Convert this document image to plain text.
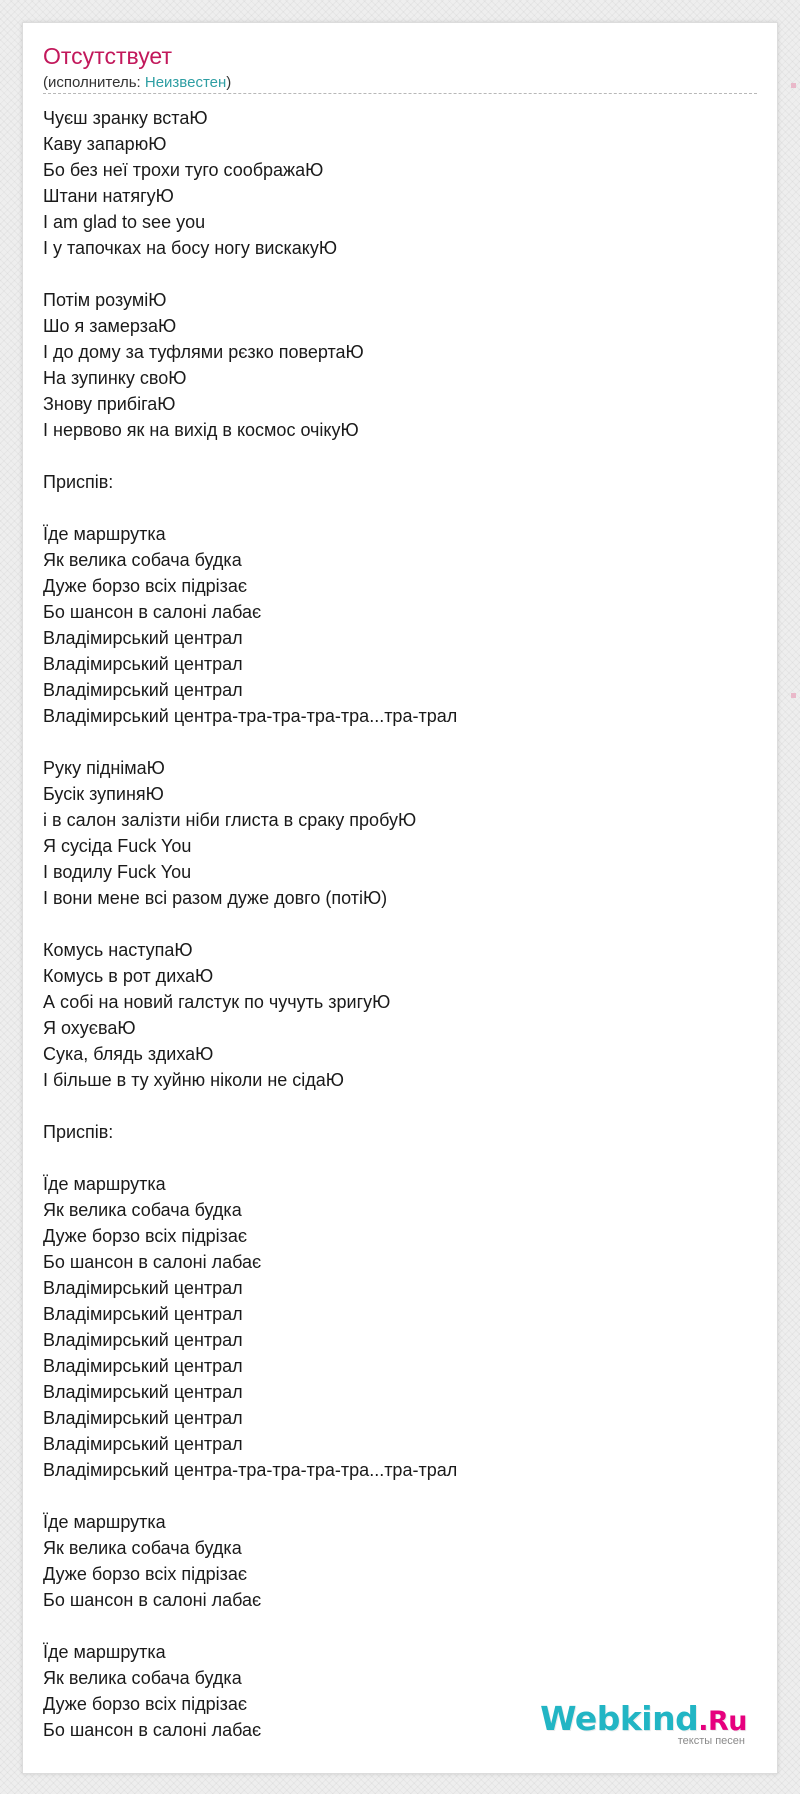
Отсутствует
(исполнитель: Неизвестен)
Чуєш зранку встаЮ
Каву запарюЮ
Бо без неї трохи туго соображаЮ
Штани натягуЮ
I am glad to see you
І у тапочках на босу ногу вискакуЮ
Потім розуміЮ
Шо я замерзаЮ
І до дому за туфлями рєзко повертаЮ
На зупинку своЮ
Знову прибігаЮ
І нервово як на вихід в космос очікуЮ
Приспів:
Їде маршрутка
Як велика собача будка
Дуже борзо всіх підрізає
Бо шансон в салоні лабає
Владімирський централ
Владімирський централ
Владімирський централ
Владімирський центра-тра-тра-тра-тра...тра-трал
Руку піднімаЮ
Бусік зупиняЮ
і в салон залізти ніби глиста в сраку пробуЮ
Я сусіда Fuck You
І водилу Fuck You
І вони мене всі разом дуже довго (потіЮ)
Комусь наступаЮ
Комусь в рот дихаЮ
А собі на новий галстук по чучуть зригуЮ
Я охуєваЮ
Сука, блядь здихаЮ
І більше в ту хуйню ніколи не сідаЮ
Приспів:
Їде маршрутка
Як велика собача будка
Дуже борзо всіх підрізає
Бо шансон в салоні лабає
Владімирський централ
Владімирський централ
Владімирський централ
Владімирський централ
Владімирський централ
Владімирський централ
Владімирський централ
Владімирський центра-тра-тра-тра-тра...тра-трал
Їде маршрутка
Як велика собача будка
Дуже борзо всіх підрізає
Бо шансон в салоні лабає
Їде маршрутка
Як велика собача будка
Дуже борзо всіх підрізає
Бо шансон в салоні лабає	Webkind.Ru
тексты песен
